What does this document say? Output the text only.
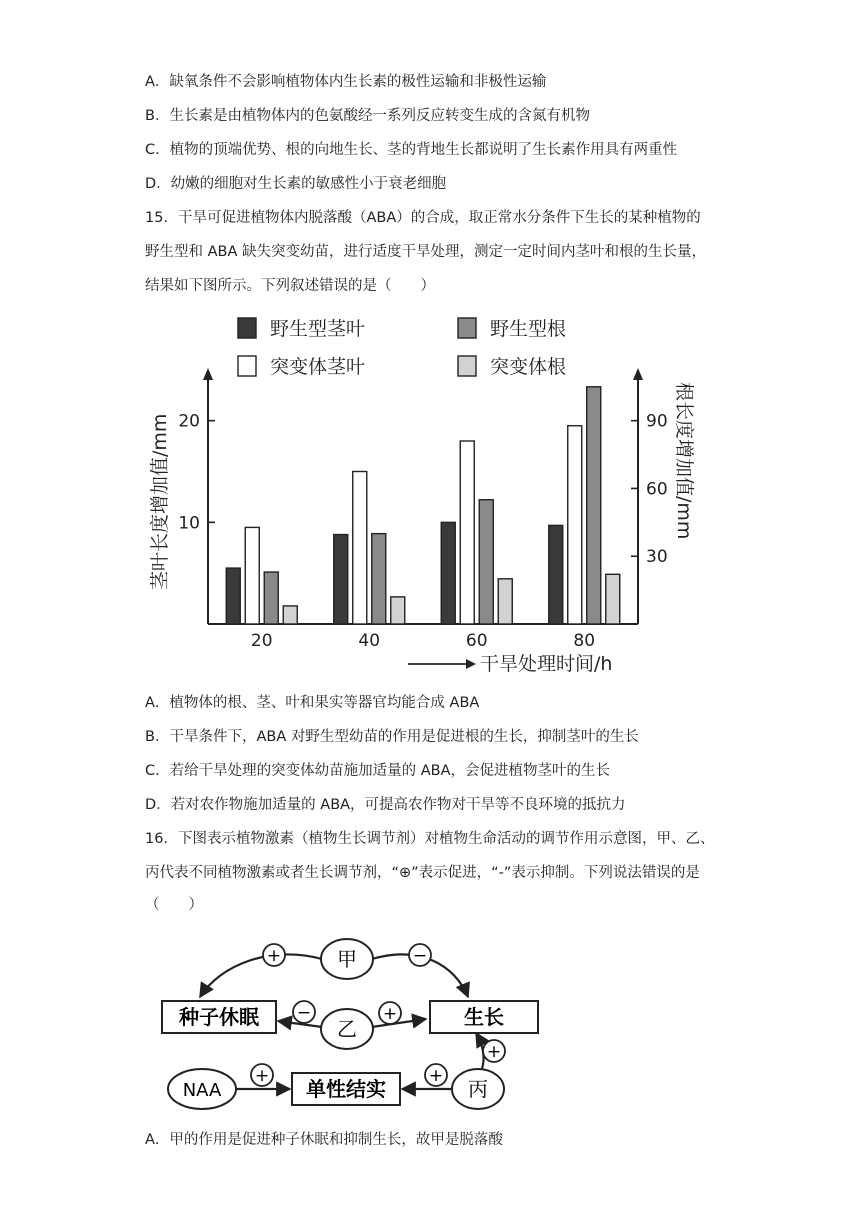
A．缺氧条件不会影响植物体内生长素的极性运输和非极性运输
B．生长素是由植物体内的色氨酸经一系列反应转变生成的含氮有机物
C．植物的顶端优势、根的向地生长、茎的背地生长都说明了生长素作用具有两重性
D．幼嫩的细胞对生长素的敏感性小于衰老细胞
15．干旱可促进植物体内脱落酸（ABA）的合成，取正常水分条件下生长的某种植物的
野生型和 ABA 缺失突变幼苗，进行适度干旱处理，测定一定时间内茎叶和根的生长量，
结果如下图所示。下列叙述错误的是（　　）
野生型茎叶	野生型根
突变体茎叶	突变体根
10
20
30
60
90
20	40	60	80
茎叶长度增加值/mm	根长度增加值/mm
干旱处理时间/h
A．植物体的根、茎、叶和果实等器官均能合成 ABA
B．干旱条件下，ABA 对野生型幼苗的作用是促进根的生长，抑制茎叶的生长
C．若给干旱处理的突变体幼苗施加适量的 ABA，会促进植物茎叶的生长
D．若对农作物施加适量的 ABA，可提高农作物对干旱等不良环境的抵抗力
16．下图表示植物激素（植物生长调节剂）对植物生命活动的调节作用示意图，甲、乙、
丙代表不同植物激素或者生长调节剂，“⊕”表示促进，“-”表示抑制。下列说法错误的是
（　　）
甲
乙
丙
NAA
种子休眠	生长
单性结实
+	−
−	+
+
+	+
A．甲的作用是促进种子休眠和抑制生长，故甲是脱落酸
